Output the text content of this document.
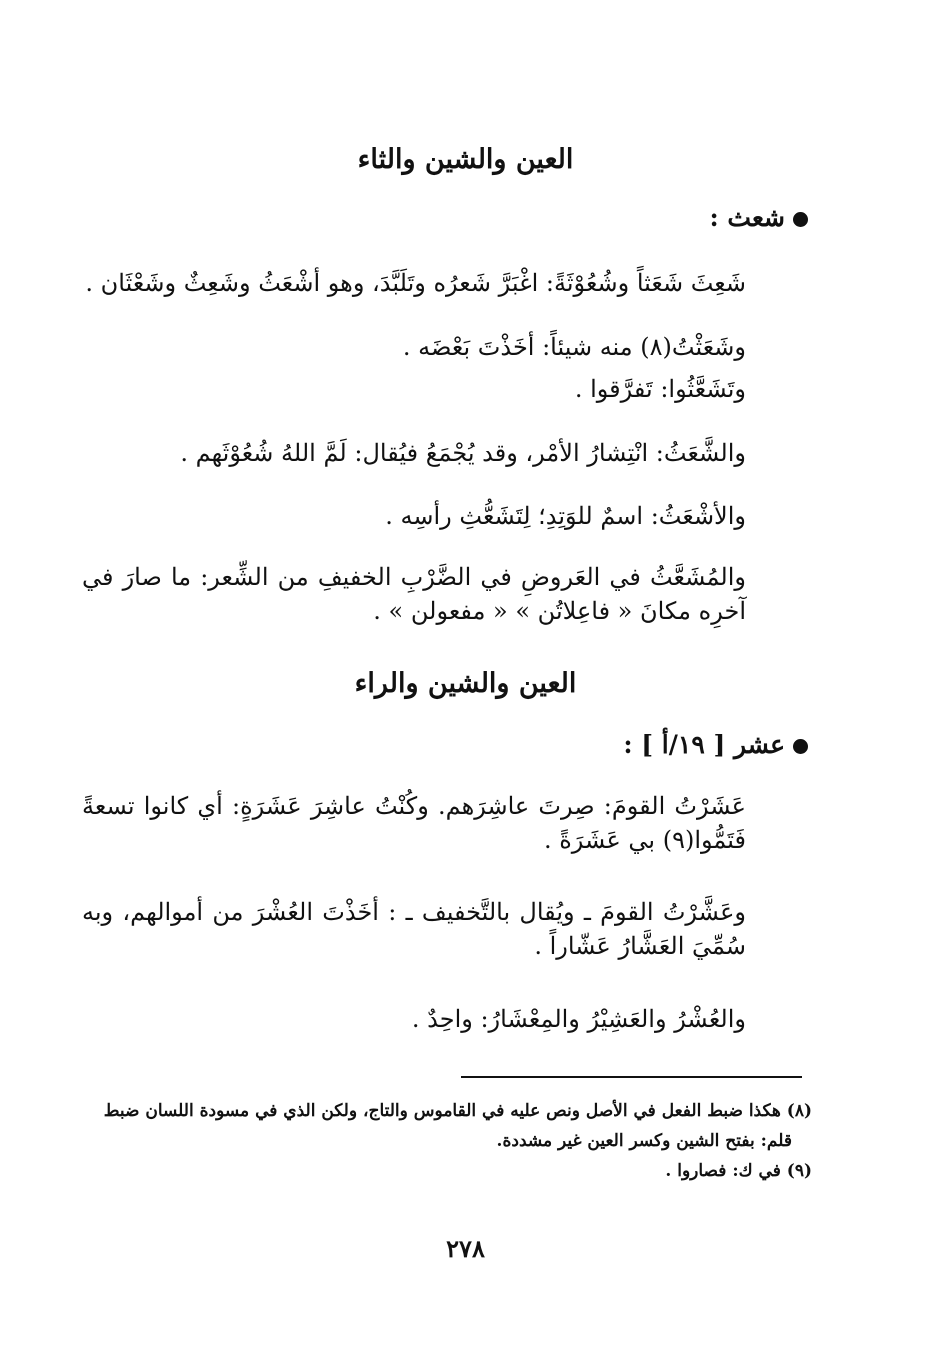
العين والشين والثاء
شعث :
شَعِثَ شَعَثاً وشُعُوْثَةً: اغْبَرَّ شَعرُه وتَلَبَّدَ، وهو أشْعَثُ وشَعِثٌ وشَعْثَان .
وشَعَثْتُ(٨) منه شيئاً: أخَذْتَ بَعْضَه .
وتَشَعَّثُوا: تَفرَّقوا .
والشَّعَثُ: انْتِشارُ الأمْر، وقد يُجْمَعُ فيُقال: لَمَّ اللهُ شُعُوْثَهم .
والأشْعَثُ: اسمٌ للوَتِدِ؛ لِتَشَعُّثِ رأسِه .
والمُشَعَّثُ في العَروضِ في الضَّرْبِ الخفيفِ من الشِّعر: ما صارَ في آخرِه مكانَ « فاعِلاتُن » « مفعولن » .
العين والشين والراء
عشر [ ١٩/أ ] :
عَشَرْتُ القومَ: صِرتَ عاشِرَهم. وكُنْتُ عاشِرَ عَشَرَةٍ: أي كانوا تسعةً فَتَمُّوا(٩) بي عَشَرَةً .
وعَشَّرْتُ القومَ ـ ويُقال بالتَّخفيف ـ : أخَذْتَ العُشْرَ من أموالهم، وبه سُمِّيَ العَشَّارُ عَشّاراً .
والعُشْرُ والعَشِيْرُ والمِعْشَارُ: واحِدٌ .
(٨) هكذا ضبط الفعل في الأصل ونص عليه في القاموس والتاج، ولكن الذي في مسودة اللسان ضبط
قلم: بفتح الشين وكسر العين غير مشددة.
(٩) في ك: فصاروا .
٢٧٨
